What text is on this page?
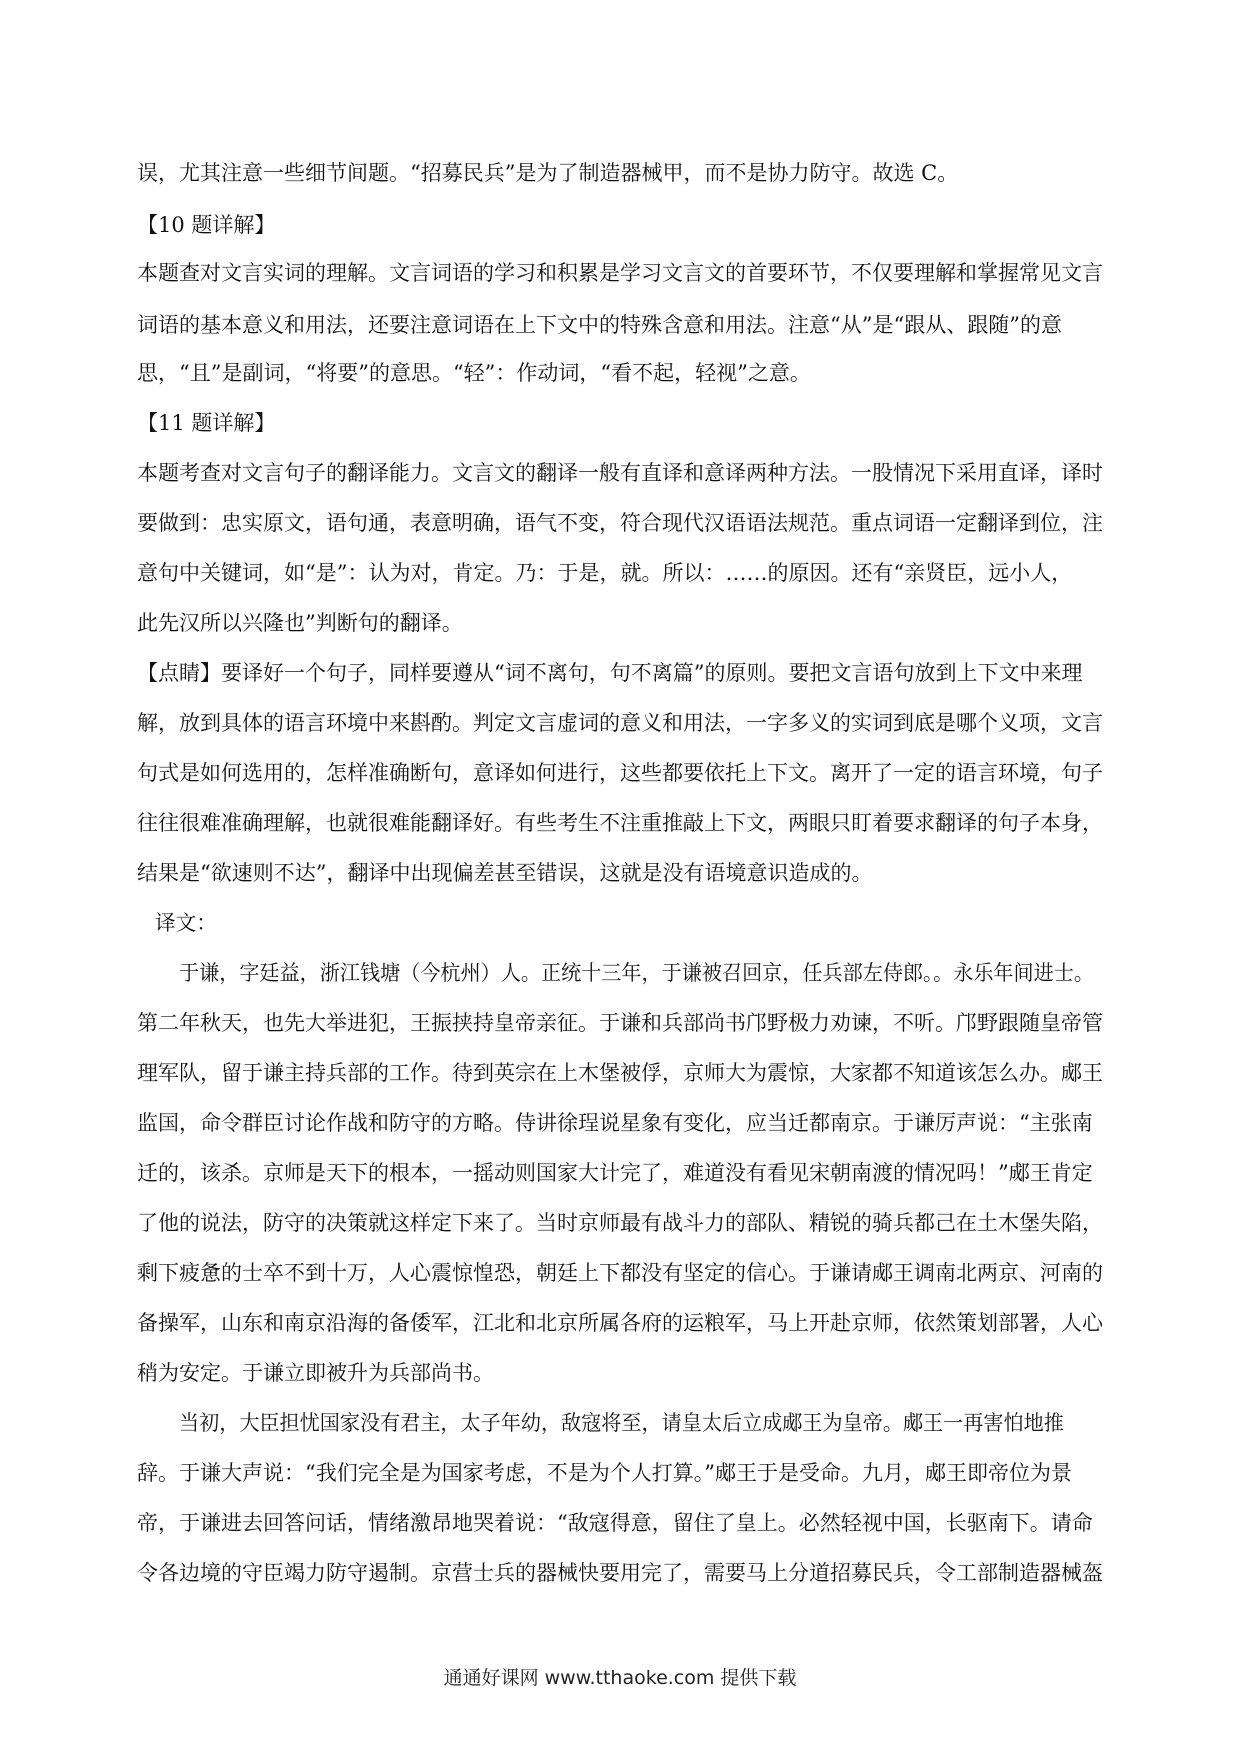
误，尤其注意一些细节间题。“招募民兵”是为了制造器械甲，而不是协力防守。故选 C。
【10 题详解】
本题查对文言实词的理解。文言词语的学习和积累是学习文言文的首要环节，不仅要理解和掌握常见文言
词语的基本意义和用法，还要注意词语在上下文中的特殊含意和用法。注意“从”是“跟从、跟随”的意
思，“且”是副词，“将要”的意思。“轻”：作动词，“看不起，轻视”之意。
【11 题详解】
本题考查对文言句子的翻译能力。文言文的翻译一般有直译和意译两种方法。一股情况下采用直译，译时
要做到：忠实原文，语句通，表意明确，语气不变，符合现代汉语语法规范。重点词语一定翻译到位，注
意句中关键词，如“是”：认为对，肯定。乃：于是，就。所以：……的原因。还有“亲贤臣，远小人，
此先汉所以兴隆也”判断句的翻译。
【点睛】要译好一个句子，同样要遵从“词不离句，句不离篇”的原则。要把文言语句放到上下文中来理
解，放到具体的语言环境中来斟酌。判定文言虚词的意义和用法，一字多义的实词到底是哪个义项，文言
句式是如何选用的，怎样准确断句，意译如何进行，这些都要依托上下文。离开了一定的语言环境，句子
往往很难准确理解，也就很难能翻译好。有些考生不注重推敲上下文，两眼只盯着要求翻译的句子本身，
结果是“欲速则不达”，翻译中出现偏差甚至错误，这就是没有语境意识造成的。
译文：
于谦，字廷益，浙江钱塘（今杭州）人。正统十三年，于谦被召回京，任兵部左侍郎。。永乐年间进士。
第二年秋天，也先大举进犯，王振挟持皇帝亲征。于谦和兵部尚书邝野极力劝谏，不听。邝野跟随皇帝管
理军队，留于谦主持兵部的工作。待到英宗在上木堡被俘，京师大为震惊，大家都不知道该怎么办。郕王
监国，命令群臣讨论作战和防守的方略。侍讲徐珵说星象有变化，应当迁都南京。于谦厉声说：“主张南
迁的，该杀。京师是天下的根本，一摇动则国家大计完了，难道没有看见宋朝南渡的情况吗！”郕王肯定
了他的说法，防守的决策就这样定下来了。当时京师最有战斗力的部队、精锐的骑兵都己在土木堡失陷，
剩下疲惫的士卒不到十万，人心震惊惶恐，朝廷上下都没有坚定的信心。于谦请郕王调南北两京、河南的
备操军，山东和南京沿海的备倭军，江北和北京所属各府的运粮军，马上开赴京师，依然策划部署，人心
稍为安定。于谦立即被升为兵部尚书。
当初，大臣担忧国家没有君主，太子年幼，敌寇将至，请皇太后立成郕王为皇帝。郕王一再害怕地推
辞。于谦大声说：“我们完全是为国家考虑，不是为个人打算。”郕王于是受命。九月，郕王即帝位为景
帝，于谦进去回答问话，情绪激昂地哭着说：“敌寇得意，留住了皇上。必然轻视中国，长驱南下。请命
令各边境的守臣竭力防守遏制。京营士兵的器械快要用完了，需要马上分道招募民兵，令工部制造器械盔
通通好课网 www.tthaoke.com 提供下载
